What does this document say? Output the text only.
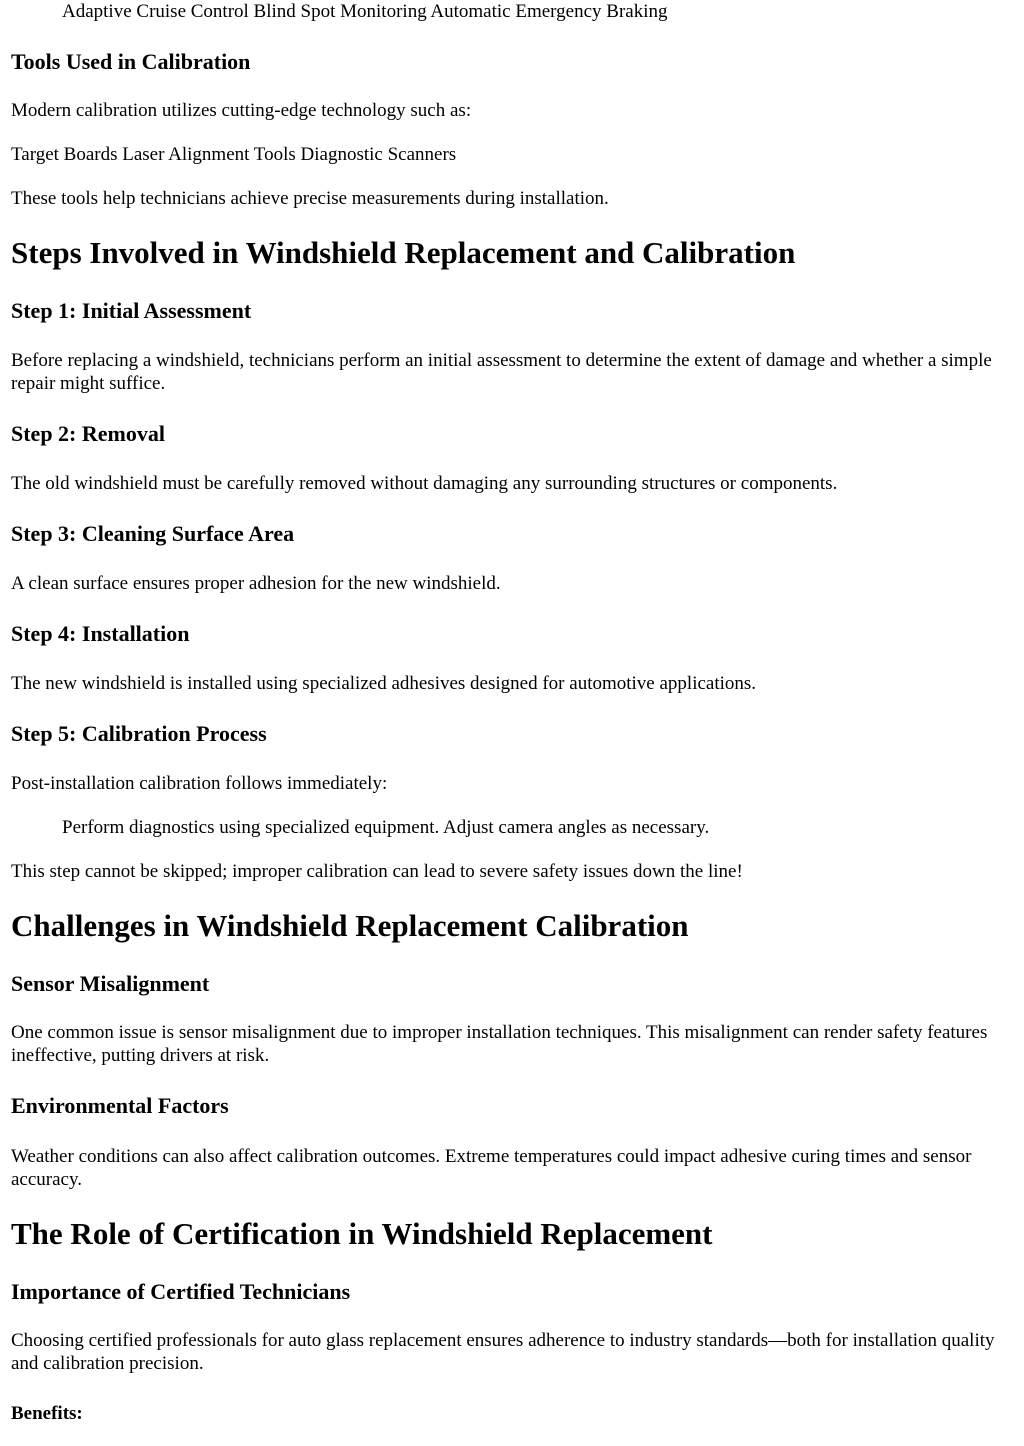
Adaptive Cruise Control Blind Spot Monitoring Automatic Emergency Braking

Tools Used in Calibration

Modern calibration utilizes cutting-edge technology such as:

Target Boards Laser Alignment Tools Diagnostic Scanners

These tools help technicians achieve precise measurements during installation.

Steps Involved in Windshield Replacement and Calibration
Step 1: Initial Assessment

Before replacing a windshield, technicians perform an initial assessment to determine the extent of damage and whether a simple repair might suffice.

Step 2: Removal

The old windshield must be carefully removed without damaging any surrounding structures or components.

Step 3: Cleaning Surface Area

A clean surface ensures proper adhesion for the new windshield.

Step 4: Installation

The new windshield is installed using specialized adhesives designed for automotive applications.

Step 5: Calibration Process

Post-installation calibration follows immediately:

Perform diagnostics using specialized equipment. Adjust camera angles as necessary.

This step cannot be skipped; improper calibration can lead to severe safety issues down the line!

Challenges in Windshield Replacement Calibration
Sensor Misalignment

One common issue is sensor misalignment due to improper installation techniques. This misalignment can render safety features ineffective, putting drivers at risk.

Environmental Factors

Weather conditions can also affect calibration outcomes. Extreme temperatures could impact adhesive curing times and sensor accuracy.

The Role of Certification in Windshield Replacement
Importance of Certified Technicians

Choosing certified professionals for auto glass replacement ensures adherence to industry standards—both for installation quality and calibration precision.

Benefits:
